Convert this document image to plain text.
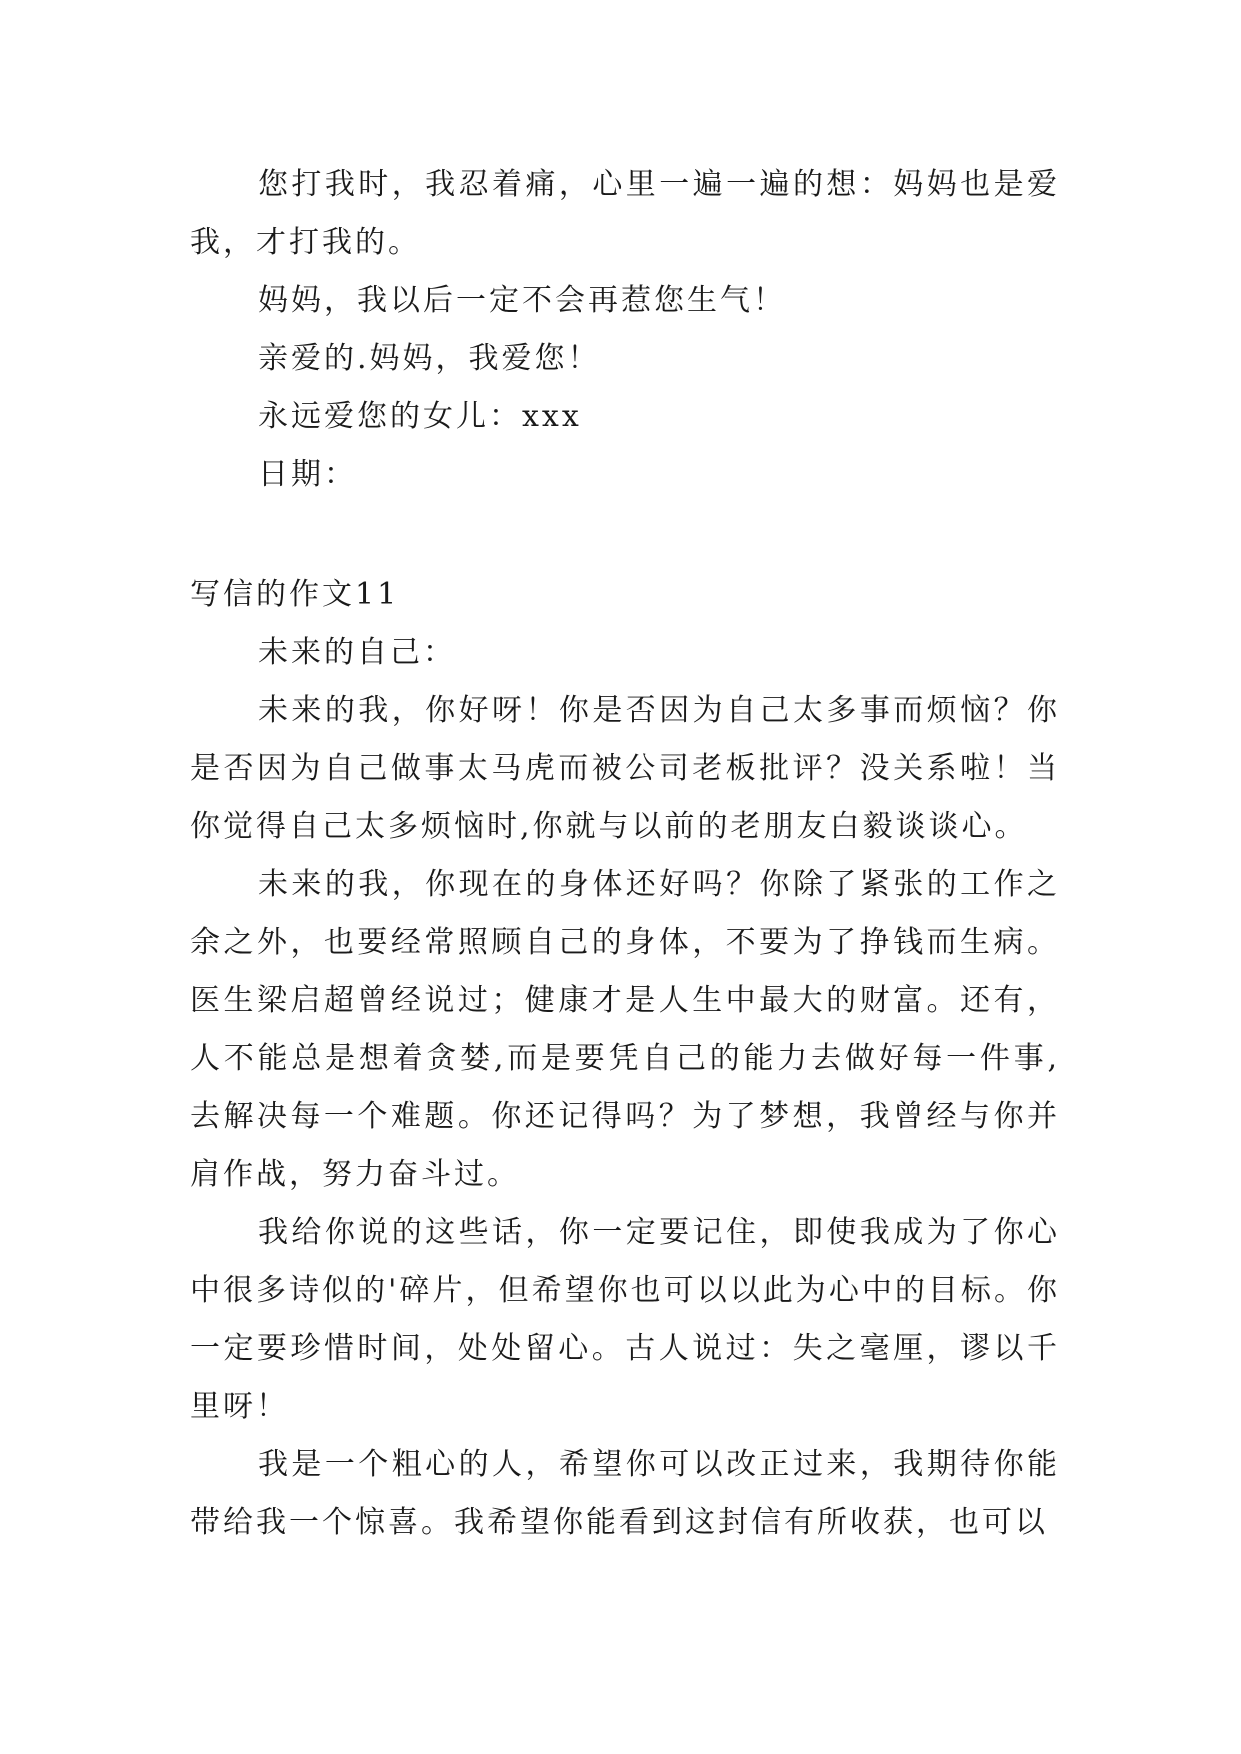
您打我时，我忍着痛，心里一遍一遍的想：妈妈也是爱我，才打我的。

妈妈，我以后一定不会再惹您生气！

亲爱的.妈妈，我爱您！

永远爱您的女儿：xxx

日期：

写信的作文11

未来的自己：

未来的我，你好呀！你是否因为自己太多事而烦恼？你是否因为自己做事太马虎而被公司老板批评？没关系啦！当你觉得自己太多烦恼时,你就与以前的老朋友白毅谈谈心。

未来的我，你现在的身体还好吗？你除了紧张的工作之余之外，也要经常照顾自己的身体，不要为了挣钱而生病。医生梁启超曾经说过；健康才是人生中最大的财富。还有，人不能总是想着贪婪,而是要凭自己的能力去做好每一件事,去解决每一个难题。你还记得吗？为了梦想，我曾经与你并肩作战，努力奋斗过。

我给你说的这些话，你一定要记住，即使我成为了你心中很多诗似的'碎片，但希望你也可以以此为心中的目标。你一定要珍惜时间，处处留心。古人说过：失之毫厘，谬以千里呀！

我是一个粗心的人，希望你可以改正过来，我期待你能带给我一个惊喜。我希望你能看到这封信有所收获，也可以
